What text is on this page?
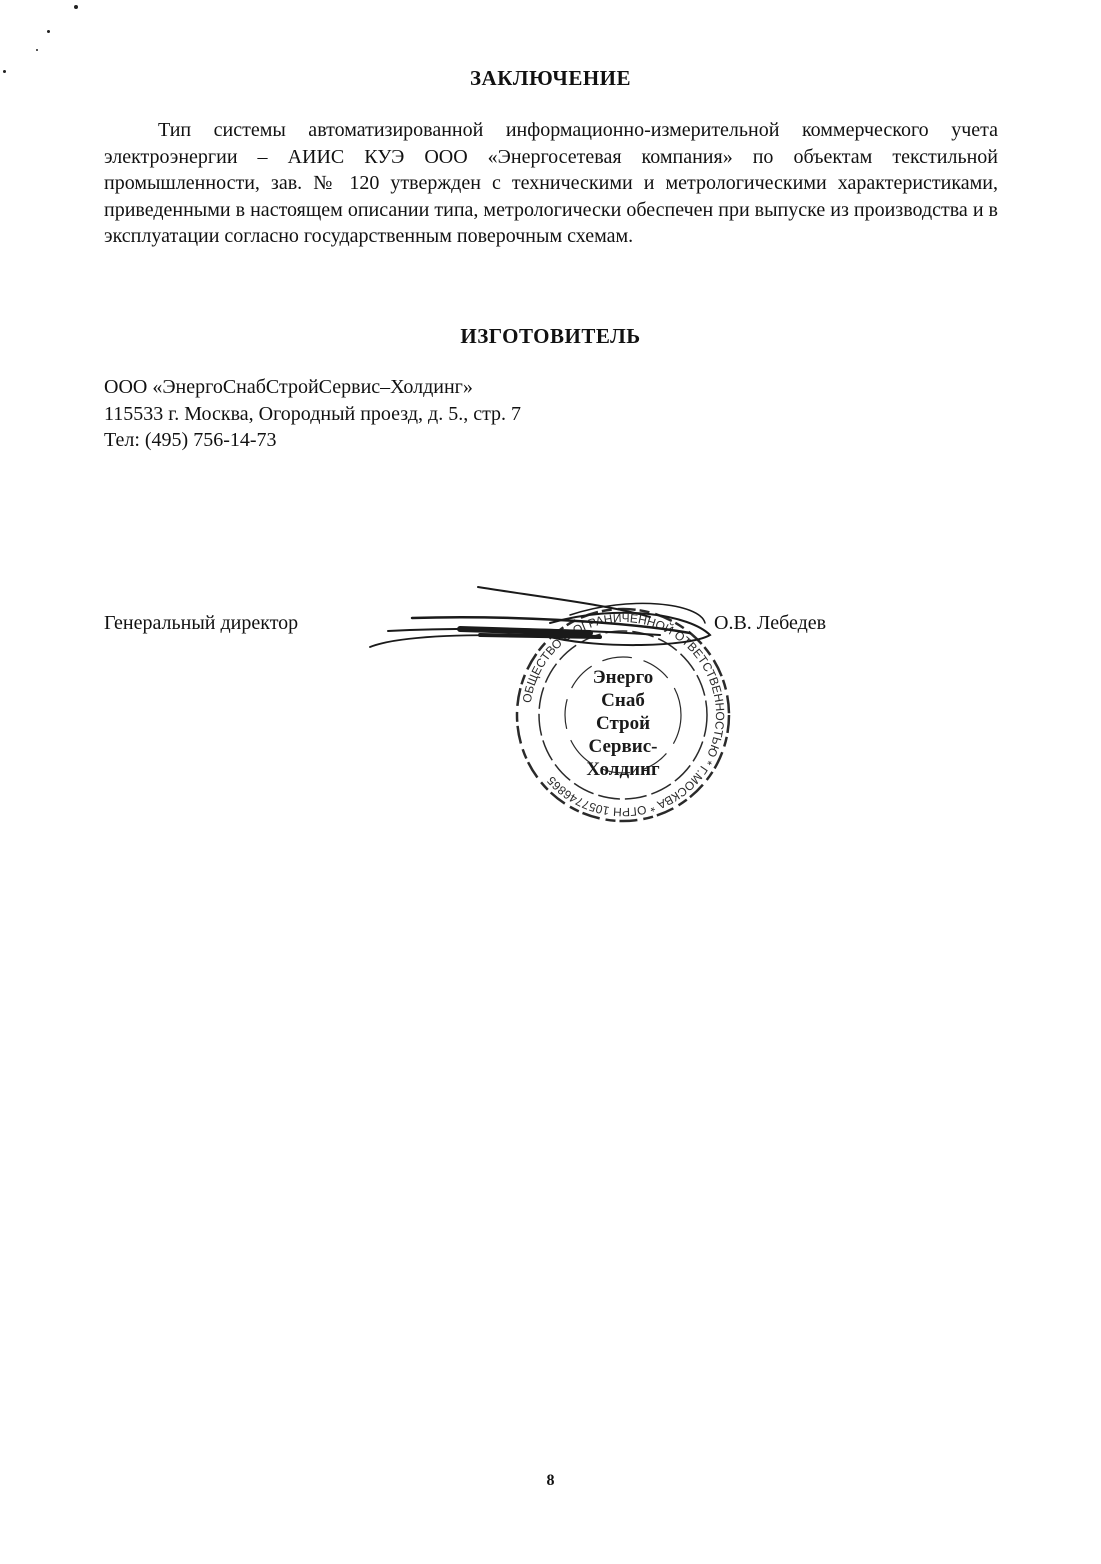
ЗАКЛЮЧЕНИЕ
Тип системы автоматизированной информационно-измерительной коммерческого учета электроэнергии – АИИС КУЭ ООО «Энергосетевая компания» по объектам текстильной промышленности, зав. № 120 утвержден с техническими и метрологическими характеристиками, приведенными в настоящем описании типа, метрологически обеспечен при выпуске из производства и в эксплуатации согласно государственным поверочным схемам.
ИЗГОТОВИТЕЛЬ
ООО «ЭнергоСнабСтройСервис–Холдинг»
115533 г. Москва, Огородный проезд, д. 5., стр. 7
Тел: (495) 756-14-73
Генеральный директор
ОБЩЕСТВО С ОГРАНИЧЕННОЙ ОТВЕТСТВЕННОСТЬЮ * Г.МОСКВА * ОГРН 1057746865
Энерго
Снаб
Строй
Сервис-
Холдинг
О.В. Лебедев
8
